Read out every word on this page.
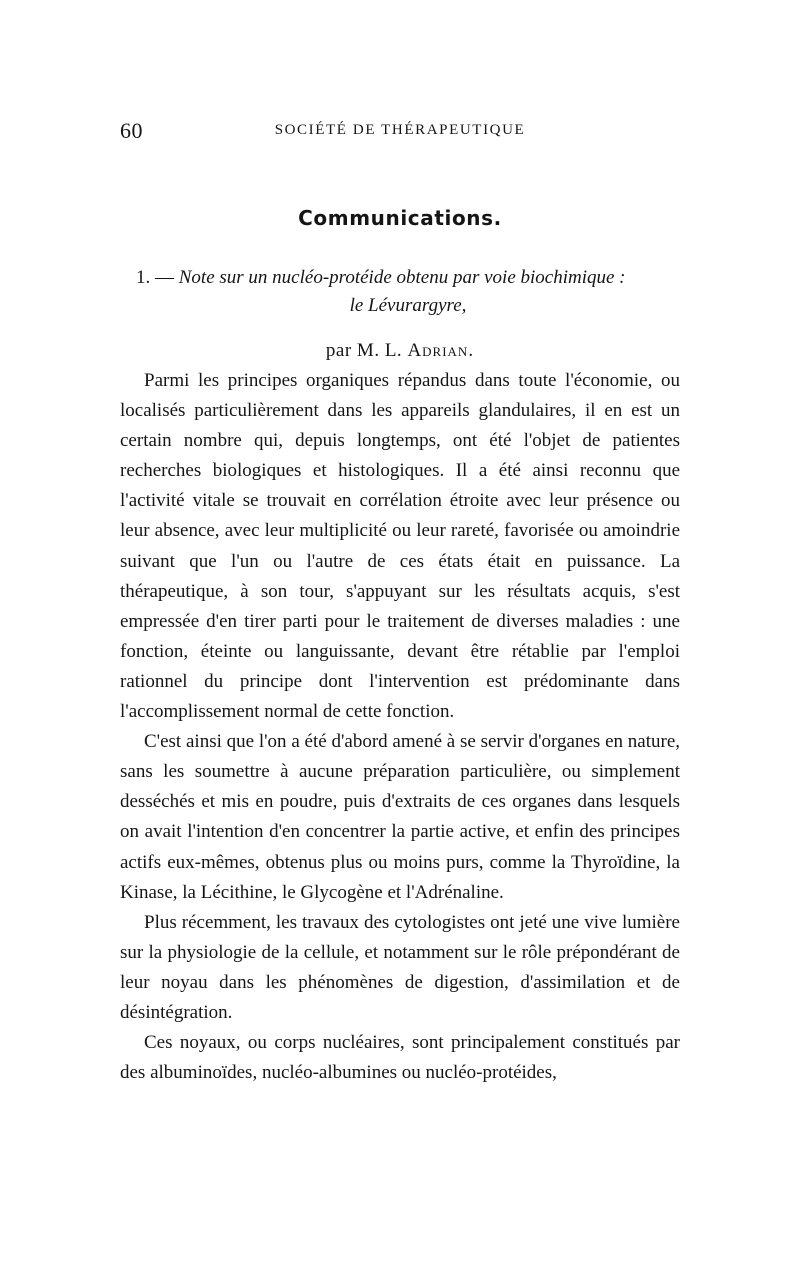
60	SOCIÉTÉ DE THÉRAPEUTIQUE
Communications.
1. — Note sur un nucléo-protéide obtenu par voie biochimique :
le Lévurargyre,
par M. L. Adrian.

Parmi les principes organiques répandus dans toute l'économie, ou localisés particulièrement dans les appareils glandulaires, il en est un certain nombre qui, depuis longtemps, ont été l'objet de patientes recherches biologiques et histologiques. Il a été ainsi reconnu que l'activité vitale se trouvait en corrélation étroite avec leur présence ou leur absence, avec leur multiplicité ou leur rareté, favorisée ou amoindrie suivant que l'un ou l'autre de ces états était en puissance. La thérapeutique, à son tour, s'appuyant sur les résultats acquis, s'est empressée d'en tirer parti pour le traitement de diverses maladies : une fonction, éteinte ou languissante, devant être rétablie par l'emploi rationnel du principe dont l'intervention est prédominante dans l'accomplissement normal de cette fonction.

C'est ainsi que l'on a été d'abord amené à se servir d'organes en nature, sans les soumettre à aucune préparation particulière, ou simplement desséchés et mis en poudre, puis d'extraits de ces organes dans lesquels on avait l'intention d'en concentrer la partie active, et enfin des principes actifs eux-mêmes, obtenus plus ou moins purs, comme la Thyroïdine, la Kinase, la Lécithine, le Glycogène et l'Adrénaline.

Plus récemment, les travaux des cytologistes ont jeté une vive lumière sur la physiologie de la cellule, et notamment sur le rôle prépondérant de leur noyau dans les phénomènes de digestion, d'assimilation et de désintégration.

Ces noyaux, ou corps nucléaires, sont principalement constitués par des albuminoïdes, nucléo-albumines ou nucléo-protéides,
